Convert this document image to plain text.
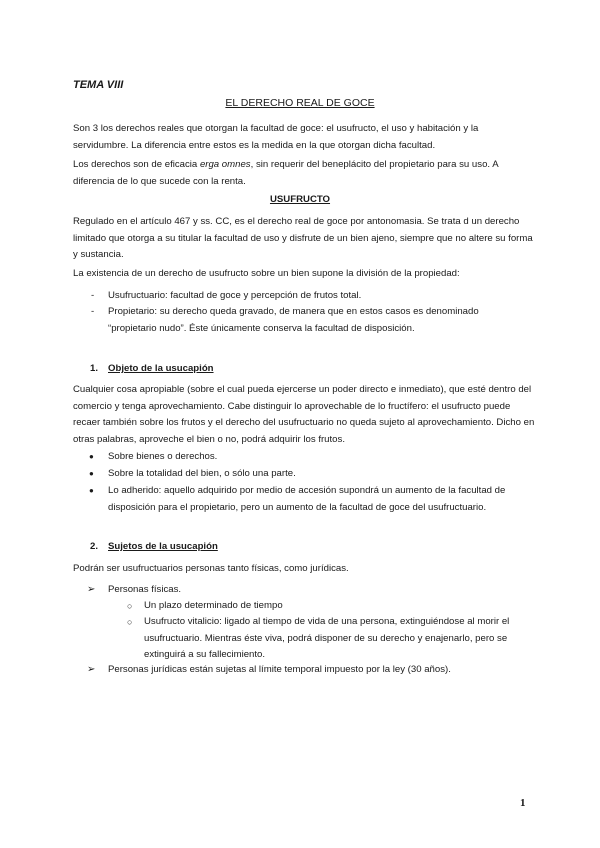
TEMA VIII
EL DERECHO REAL DE GOCE

Son 3 los derechos reales que otorgan la facultad de goce: el usufructo, el uso y habitación y la servidumbre. La diferencia entre estos es la medida en la que otorgan dicha facultad.

Los derechos son de eficacia erga omnes, sin requerir del beneplácito del propietario para su uso. A diferencia de lo que sucede con la renta.

USUFRUCTO

Regulado en el artículo 467 y ss. CC, es el derecho real de goce por antonomasia. Se trata d un derecho limitado que otorga a su titular la facultad de uso y disfrute de un bien ajeno, siempre que no altere su forma y sustancia.

La existencia de un derecho de usufructo sobre un bien supone la división de la propiedad:

- Usufructuario: facultad de goce y percepción de frutos total.
- Propietario: su derecho queda gravado, de manera que en estos casos es denominado “propietario nudo”. Éste únicamente conserva la facultad de disposición.
1. Objeto de la usucapión

Cualquier cosa apropiable (sobre el cual pueda ejercerse un poder directo e inmediato), que esté dentro del comercio y tenga aprovechamiento. Cabe distinguir lo aprovechable de lo fructífero: el usufructo puede recaer también sobre los frutos y el derecho del usufructuario no queda sujeto al aprovechamiento. Dicho en otras palabras, aproveche el bien o no, podrá adquirir los frutos.

● Sobre bienes o derechos.
● Sobre la totalidad del bien, o sólo una parte.
● Lo adherido: aquello adquirido por medio de accesión supondrá un aumento de la facultad de disposición para el propietario, pero un aumento de la facultad de goce del usufructuario.
2. Sujetos de la usucapión

Podrán ser usufructuarios personas tanto físicas, como jurídicas.

➢ Personas físicas.
○ Un plazo determinado de tiempo
○ Usufructo vitalicio: ligado al tiempo de vida de una persona, extinguiéndose al morir el usufructuario. Mientras éste viva, podrá disponer de su derecho y enajenarlo, pero se extinguirá a su fallecimiento.
➢ Personas jurídicas están sujetas al límite temporal impuesto por la ley (30 años).
1
